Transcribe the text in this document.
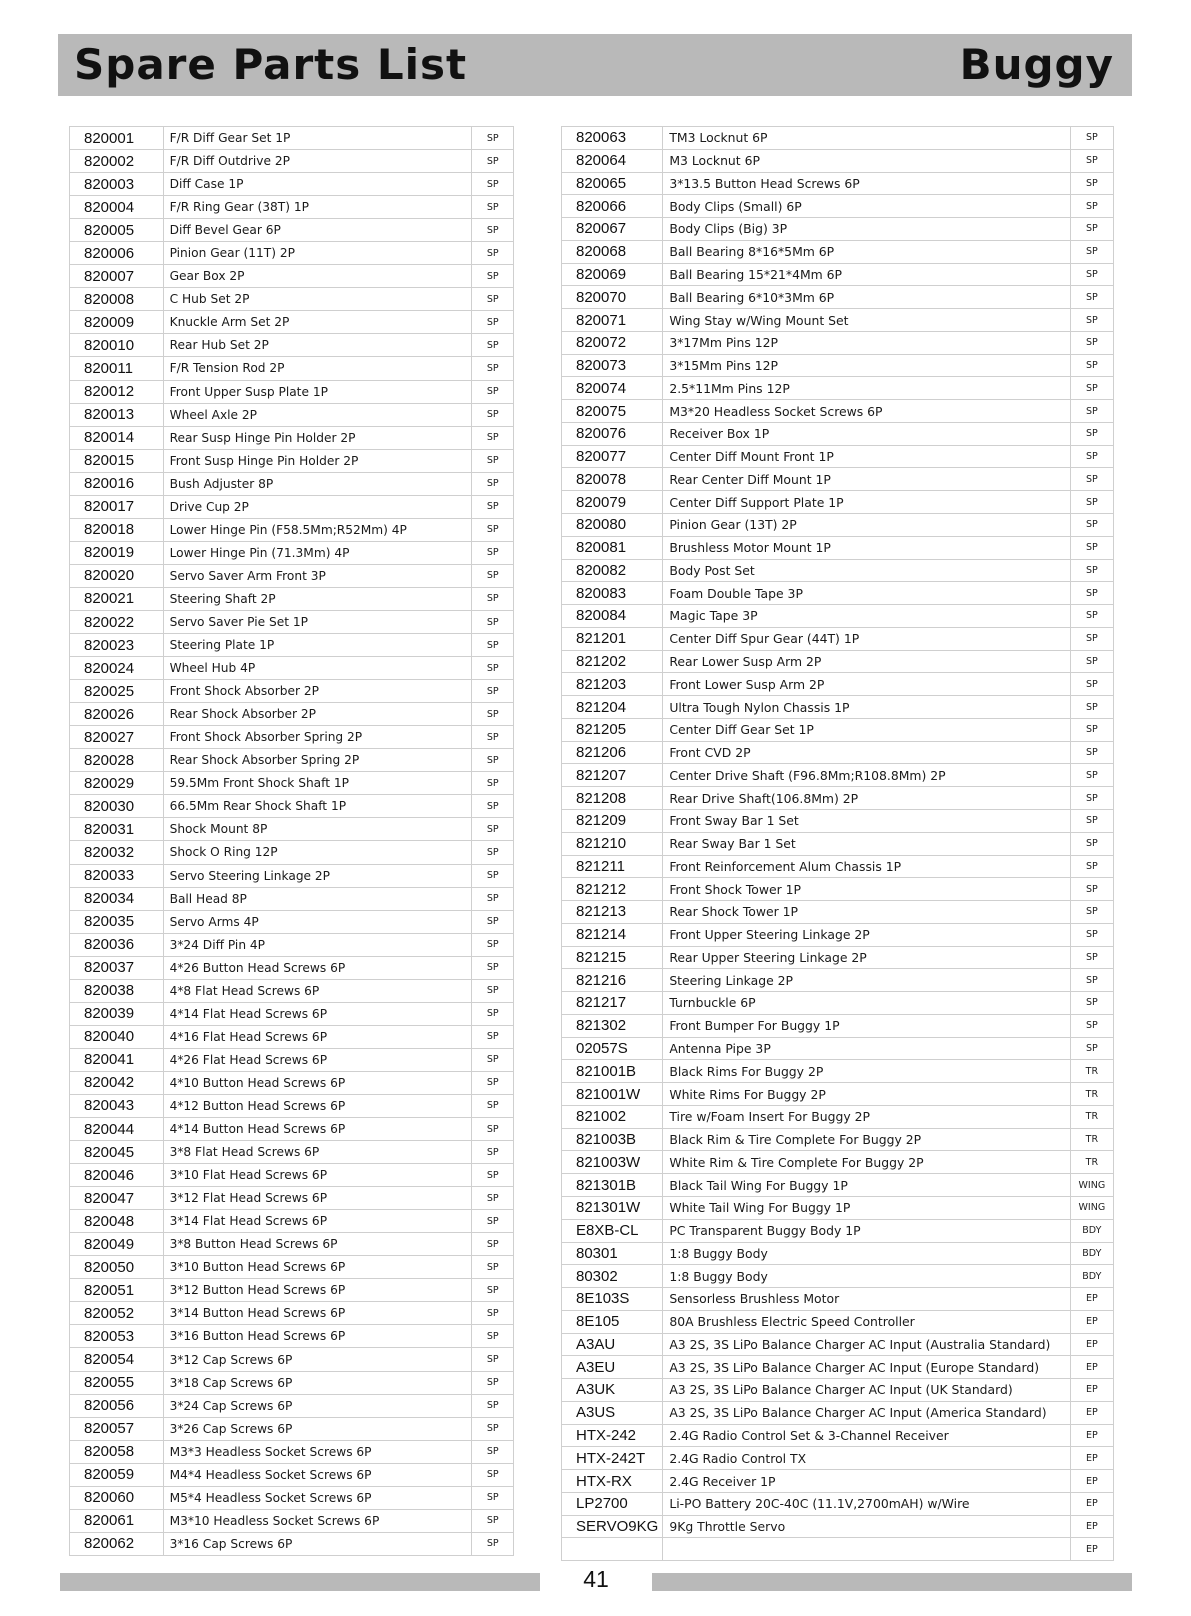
Spare Parts List	Buggy
820001	F/R Diff Gear Set 1P	SP
820002	F/R Diff Outdrive 2P	SP
820003	Diff Case 1P	SP
820004	F/R Ring Gear (38T) 1P	SP
820005	Diff Bevel Gear 6P	SP
820006	Pinion Gear (11T) 2P	SP
820007	Gear Box 2P	SP
820008	C Hub Set 2P	SP
820009	Knuckle Arm Set 2P	SP
820010	Rear Hub Set 2P	SP
820011	F/R Tension Rod 2P	SP
820012	Front Upper Susp Plate 1P	SP
820013	Wheel Axle 2P	SP
820014	Rear Susp Hinge Pin Holder 2P	SP
820015	Front Susp Hinge Pin Holder 2P	SP
820016	Bush Adjuster 8P	SP
820017	Drive Cup 2P	SP
820018	Lower Hinge Pin (F58.5Mm;R52Mm) 4P	SP
820019	Lower Hinge Pin (71.3Mm) 4P	SP
820020	Servo Saver Arm Front 3P	SP
820021	Steering Shaft 2P	SP
820022	Servo Saver Pie Set 1P	SP
820023	Steering Plate 1P	SP
820024	Wheel Hub 4P	SP
820025	Front Shock Absorber 2P	SP
820026	Rear Shock Absorber 2P	SP
820027	Front Shock Absorber Spring 2P	SP
820028	Rear Shock Absorber Spring 2P	SP
820029	59.5Mm Front Shock Shaft 1P	SP
820030	66.5Mm Rear Shock Shaft 1P	SP
820031	Shock Mount 8P	SP
820032	Shock O Ring 12P	SP
820033	Servo Steering Linkage 2P	SP
820034	Ball Head 8P	SP
820035	Servo Arms 4P	SP
820036	3*24 Diff Pin 4P	SP
820037	4*26 Button Head Screws 6P	SP
820038	4*8 Flat Head Screws 6P	SP
820039	4*14 Flat Head Screws 6P	SP
820040	4*16 Flat Head Screws 6P	SP
820041	4*26 Flat Head Screws 6P	SP
820042	4*10 Button Head Screws 6P	SP
820043	4*12 Button Head Screws 6P	SP
820044	4*14 Button Head Screws 6P	SP
820045	3*8 Flat Head Screws 6P	SP
820046	3*10 Flat Head Screws 6P	SP
820047	3*12 Flat Head Screws 6P	SP
820048	3*14 Flat Head Screws 6P	SP
820049	3*8 Button Head Screws 6P	SP
820050	3*10 Button Head Screws 6P	SP
820051	3*12 Button Head Screws 6P	SP
820052	3*14 Button Head Screws 6P	SP
820053	3*16 Button Head Screws 6P	SP
820054	3*12 Cap Screws 6P	SP
820055	3*18 Cap Screws 6P	SP
820056	3*24 Cap Screws 6P	SP
820057	3*26 Cap Screws 6P	SP
820058	M3*3 Headless Socket Screws 6P	SP
820059	M4*4 Headless Socket Screws 6P	SP
820060	M5*4 Headless Socket Screws 6P	SP
820061	M3*10 Headless Socket Screws 6P	SP
820062	3*16 Cap Screws 6P	SP
820063	TM3 Locknut 6P	SP
820064	M3 Locknut 6P	SP
820065	3*13.5 Button Head Screws 6P	SP
820066	Body Clips (Small) 6P	SP
820067	Body Clips (Big) 3P	SP
820068	Ball Bearing 8*16*5Mm 6P	SP
820069	Ball Bearing 15*21*4Mm 6P	SP
820070	Ball Bearing 6*10*3Mm 6P	SP
820071	Wing Stay w/Wing Mount Set	SP
820072	3*17Mm Pins 12P	SP
820073	3*15Mm Pins 12P	SP
820074	2.5*11Mm Pins 12P	SP
820075	M3*20 Headless Socket Screws 6P	SP
820076	Receiver Box 1P	SP
820077	Center Diff Mount Front 1P	SP
820078	Rear Center Diff Mount 1P	SP
820079	Center Diff Support Plate 1P	SP
820080	Pinion Gear (13T) 2P	SP
820081	Brushless Motor Mount 1P	SP
820082	Body Post Set	SP
820083	Foam Double Tape 3P	SP
820084	Magic Tape 3P	SP
821201	Center Diff Spur Gear (44T) 1P	SP
821202	Rear Lower Susp Arm 2P	SP
821203	Front Lower Susp Arm 2P	SP
821204	Ultra Tough Nylon Chassis 1P	SP
821205	Center Diff Gear Set 1P	SP
821206	Front CVD 2P	SP
821207	Center Drive Shaft (F96.8Mm;R108.8Mm) 2P	SP
821208	Rear Drive Shaft(106.8Mm) 2P	SP
821209	Front Sway Bar 1 Set	SP
821210	Rear Sway Bar 1 Set	SP
821211	Front Reinforcement Alum Chassis 1P	SP
821212	Front Shock Tower 1P	SP
821213	Rear Shock Tower 1P	SP
821214	Front Upper Steering Linkage 2P	SP
821215	Rear Upper Steering Linkage 2P	SP
821216	Steering Linkage 2P	SP
821217	Turnbuckle 6P	SP
821302	Front Bumper For Buggy 1P	SP
02057S	Antenna Pipe 3P	SP
821001B	Black Rims For Buggy 2P	TR
821001W	White Rims For Buggy 2P	TR
821002	Tire w/Foam Insert For Buggy 2P	TR
821003B	Black Rim & Tire Complete For Buggy 2P	TR
821003W	White Rim & Tire Complete For Buggy 2P	TR
821301B	Black Tail Wing For Buggy 1P	WING
821301W	White Tail Wing For Buggy 1P	WING
E8XB-CL	PC Transparent Buggy Body 1P	BDY
80301	1:8 Buggy Body	BDY
80302	1:8 Buggy Body	BDY
8E103S	Sensorless Brushless Motor	EP
8E105	80A Brushless Electric Speed Controller	EP
A3AU	A3 2S, 3S LiPo Balance Charger AC Input (Australia Standard)	EP
A3EU	A3 2S, 3S LiPo Balance Charger AC Input (Europe Standard)	EP
A3UK	A3 2S, 3S LiPo Balance Charger AC Input (UK Standard)	EP
A3US	A3 2S, 3S LiPo Balance Charger AC Input (America Standard)	EP
HTX-242	2.4G Radio Control Set & 3-Channel Receiver	EP
HTX-242T	2.4G Radio Control TX	EP
HTX-RX	2.4G Receiver 1P	EP
LP2700	Li-PO Battery 20C-40C (11.1V,2700mAH) w/Wire	EP
SERVO9KG	9Kg Throttle Servo	EP
		EP
41
